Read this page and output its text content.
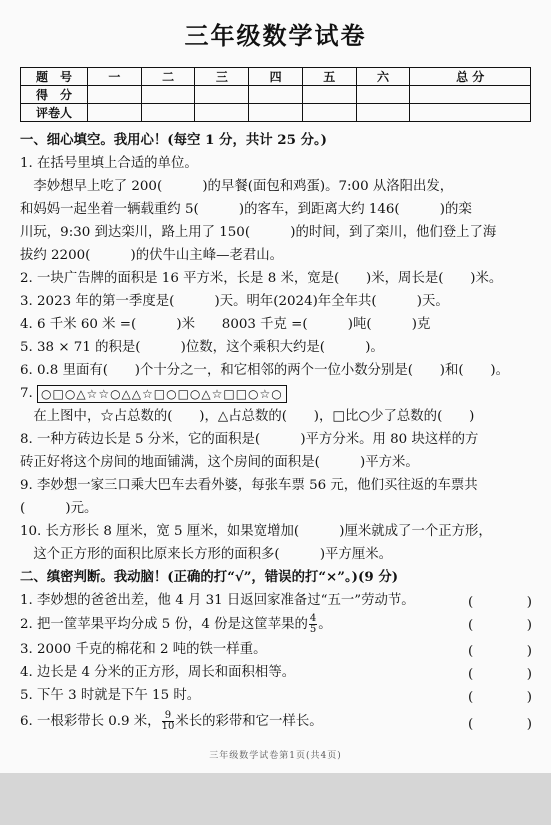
三年级数学试卷
题　号	一	二	三	四	五	六	总 分
得　分							
评卷人							
一、细心填空。我用心！(每空 1 分，共计 25 分。)
1. 在括号里填上合适的单位。
　李妙想早上吃了 200(　　　)的早餐(面包和鸡蛋)。7:00 从洛阳出发，
和妈妈一起坐着一辆载重约 5(　　　)的客车，到距离大约 146(　　　)的栾
川玩，9:30 到达栾川，路上用了 150(　　　)的时间，到了栾川，他们登上了海
拔约 2200(　　　)的伏牛山主峰—老君山。
2. 一块广告牌的面积是 16 平方米，长是 8 米，宽是(　　)米，周长是(　　)米。
3. 2023 年的第一季度是(　　　)天。明年(2024)年全年共(　　　)天。
4. 6 千米 60 米 =(　　　)米　　8003 千克 =(　　　)吨(　　　)克
5. 38 × 71 的积是(　　　)位数，这个乘积大约是(　　　)。
6. 0.8 里面有(　　)个十分之一，和它相邻的两个一位小数分别是(　　)和(　　)。
7. ○□○△☆☆○△△☆□○□○△☆□□○☆○
　在上图中，☆占总数的(　　)，△占总数的(　　)，□比○少了总数的(　　)
8. 一种方砖边长是 5 分米，它的面积是(　　　)平方分米。用 80 块这样的方
砖正好将这个房间的地面铺满，这个房间的面积是(　　　)平方米。
9. 李妙想一家三口乘大巴车去看外婆，每张车票 56 元，他们买往返的车票共
(　　　)元。
10. 长方形长 8 厘米，宽 5 厘米，如果宽增加(　　　)厘米就成了一个正方形，
　这个正方形的面积比原来长方形的面积多(　　　)平方厘米。
二、缜密判断。我动脑！(正确的打“√”，错误的打“×”。)(9 分)
1. 李妙想的爸爸出差，他 4 月 31 日返回家准备过“五一”劳动节。	(　　　　)
2. 把一筐苹果平均分成 5 份，4 份是这筐苹果的 $\frac{4}{5}$ 。	(　　　　)
3. 2000 千克的棉花和 2 吨的铁一样重。	(　　　　)
4. 边长是 4 分米的正方形，周长和面积相等。	(　　　　)
5. 下午 3 时就是下午 15 时。	(　　　　)
6. 一根彩带长 0.9 米， $\frac{9}{10}$ 米长的彩带和它一样长。	(　　　　)
三年级数学试卷第1页(共4页)
